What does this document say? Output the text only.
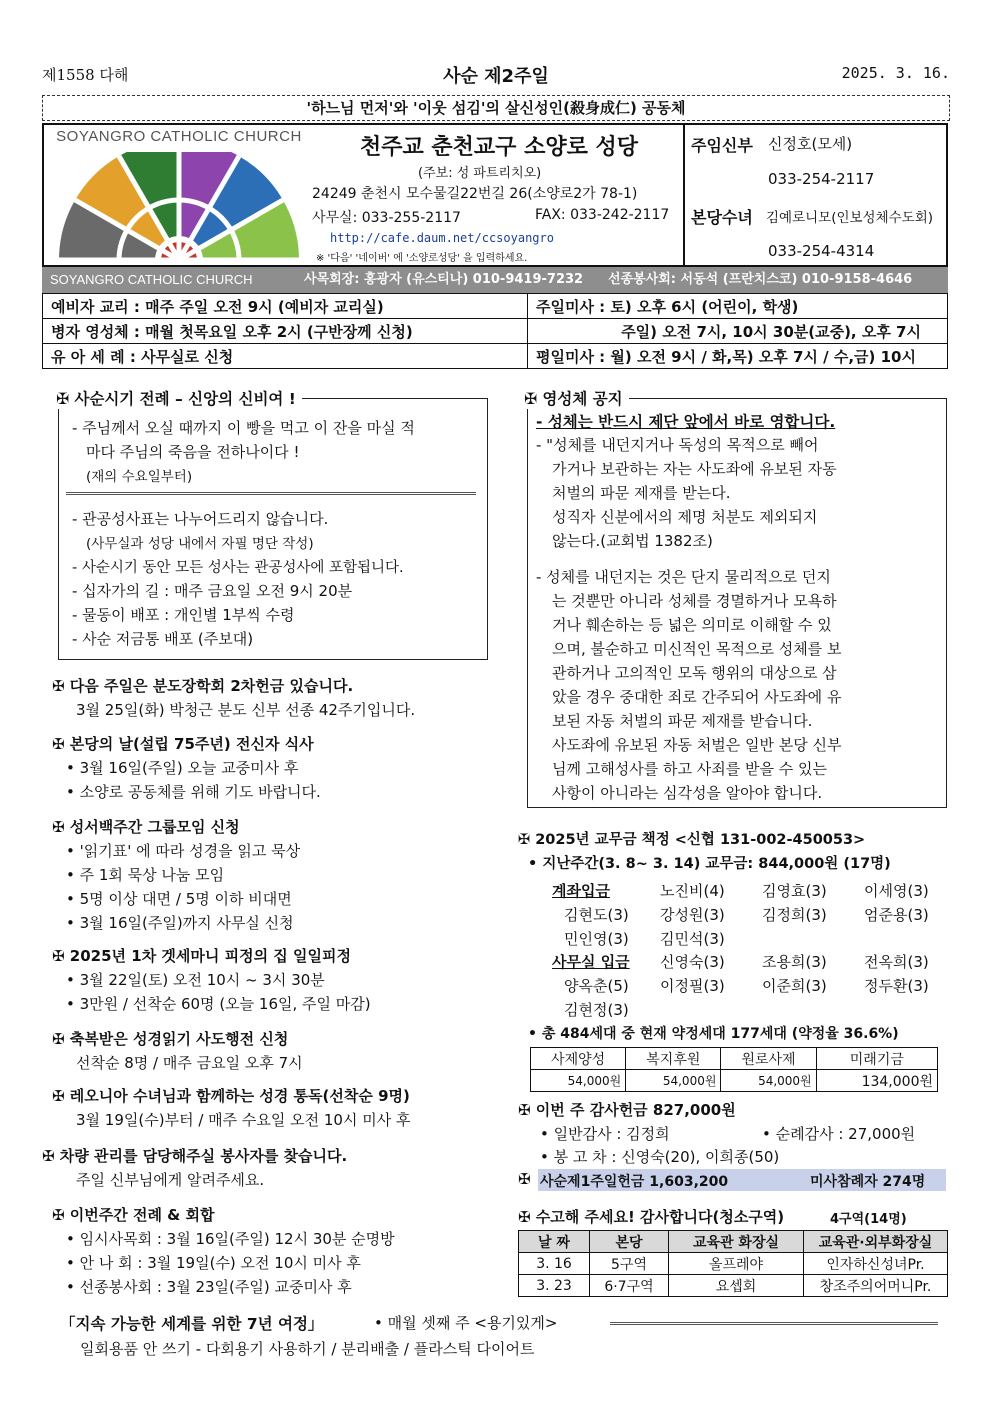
제1558 다해	사순 제2주일	2025. 3. 16.
'하느님 먼저'와 '이웃 섬김'의 살신성인(殺身成仁) 공동체
SOYANGRO CATHOLIC CHURCH	천주교 춘천교구 소양로 성당
(주보: 성 파트리치오)
24249 춘천시 모수물길22번길 26(소양로2가 78-1)
사무실: 033-255-2117	FAX: 033-242-2117
http://cafe.daum.net/ccsoyangro
※ '다음' '네이버' 에 '소양로성당' 을 입력하세요.
주임신부 신정호(모세)
033-254-2117
본당수녀 김예로니모(인보성체수도회)
033-254-4314
SOYANGRO CATHOLIC CHURCH	사목회장: 홍광자 (유스티나) 010-9419-7232 선종봉사회: 서동석 (프란치스코) 010-9158-4646
예비자 교리 : 매주 주일 오전 9시 (예비자 교리실)	주일미사 : 토) 오후 6시 (어린이, 학생)
병자 영성체 : 매월 첫목요일 오후 2시 (구반장께 신청)	주일) 오전 7시, 10시 30분(교중), 오후 7시
유 아 세 례 : 사무실로 신청	평일미사 : 월) 오전 9시 / 화,목) 오후 7시 / 수,금) 10시
✠ 사순시기 전례 – 신앙의 신비여 !
- 주님께서 오실 때까지 이 빵을 먹고 이 잔을 마실 적
마다 주님의 죽음을 전하나이다 !
(재의 수요일부터)
- 관공성사표는 나누어드리지 않습니다.
(사무실과 성당 내에서 자필 명단 작성)
- 사순시기 동안 모든 성사는 관공성사에 포함됩니다.
- 십자가의 길 : 매주 금요일 오전 9시 20분
- 물동이 배포 : 개인별 1부씩 수령
- 사순 저금통 배포 (주보대)
✠ 다음 주일은 분도장학회 2차헌금 있습니다.
3월 25일(화) 박청근 분도 신부 선종 42주기입니다.
✠ 본당의 날(설립 75주년) 전신자 식사
• 3월 16일(주일) 오늘 교중미사 후
• 소양로 공동체를 위해 기도 바랍니다.
✠ 성서백주간 그룹모임 신청
• '읽기표' 에 따라 성경을 읽고 묵상
• 주 1회 묵상 나눔 모임
• 5명 이상 대면 / 5명 이하 비대면
• 3월 16일(주일)까지 사무실 신청
✠ 2025년 1차 겟세마니 피정의 집 일일피정
• 3월 22일(토) 오전 10시 ~ 3시 30분
• 3만원 / 선착순 60명 (오늘 16일, 주일 마감)
✠ 축복받은 성경읽기 사도행전 신청
선착순 8명 / 매주 금요일 오후 7시
✠ 레오니아 수녀님과 함께하는 성경 통독(선착순 9명)
3월 19일(수)부터 / 매주 수요일 오전 10시 미사 후
✠ 차량 관리를 담당해주실 봉사자를 찾습니다.
주일 신부님에게 알려주세요.
✠ 이번주간 전례 & 회합
• 임시사목회 : 3월 16일(주일) 12시 30분 순명방
• 안 나 회 : 3월 19일(수) 오전 10시 미사 후
• 선종봉사회 : 3월 23일(주일) 교중미사 후
✠ 영성체 공지
- 성체는 반드시 제단 앞에서 바로 영합니다.
- "성체를 내던지거나 독성의 목적으로 빼어
가거나 보관하는 자는 사도좌에 유보된 자동
처벌의 파문 제재를 받는다.
성직자 신분에서의 제명 처분도 제외되지
않는다.(교회법 1382조)
- 성체를 내던지는 것은 단지 물리적으로 던지
는 것뿐만 아니라 성체를 경멸하거나 모욕하
거나 훼손하는 등 넓은 의미로 이해할 수 있
으며, 불순하고 미신적인 목적으로 성체를 보
관하거나 고의적인 모독 행위의 대상으로 삼
았을 경우 중대한 죄로 간주되어 사도좌에 유
보된 자동 처벌의 파문 제재를 받습니다.
사도좌에 유보된 자동 처벌은 일반 본당 신부
님께 고해성사를 하고 사죄를 받을 수 있는
사항이 아니라는 심각성을 알아야 합니다.
✠ 2025년 교무금 책정 <신협 131-002-450053>
• 지난주간(3. 8~ 3. 14) 교무금: 844,000원 (17명)
계좌입금	노진비(4) 김영효(3) 이세영(3)
김현도(3) 강성원(3) 김정희(3) 엄준용(3)
민인영(3) 김민석(3)
사무실 입금 신영숙(3) 조용희(3) 전옥희(3)
양옥춘(5) 이정필(3) 이준희(3) 정두환(3)
김현정(3)
• 총 484세대 중 현재 약정세대 177세대 (약정율 36.6%)
사제양성	복지후원	원로사제	미래기금
54,000원	54,000원	54,000원	134,000원
✠ 이번 주 감사헌금 827,000원
• 일반감사 : 김정희	• 순례감사 : 27,000원
• 봉 고 차 : 신영숙(20), 이희종(50)
✠ 사순제1주일헌금 1,603,200	미사참례자 274명
✠ 수고해 주세요! 감사합니다(청소구역)	4구역(14명)
날 짜	본당	교육관 화장실	교육관·외부화장실
3. 16	5구역	올프레야	인자하신성녀Pr.
3. 23	6·7구역	요셉회	창조주의어머니Pr.
「지속 가능한 세계를 위한 7년 여정」	• 매월 셋째 주 <용기있게>
일회용품 안 쓰기 - 다회용기 사용하기 / 분리배출 / 플라스틱 다이어트
